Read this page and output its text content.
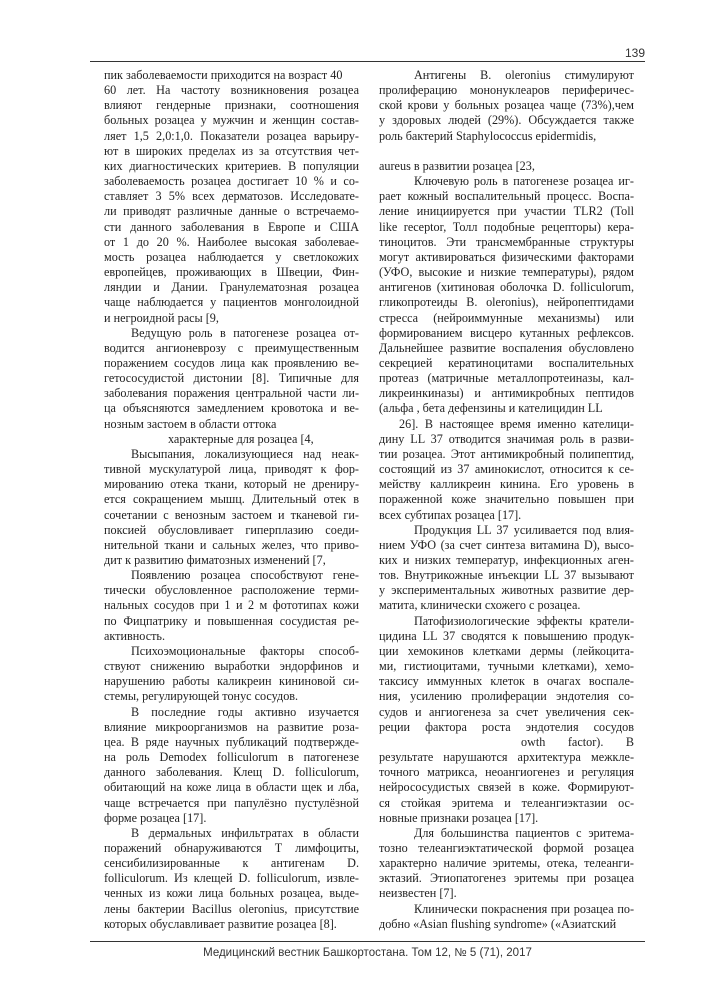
139
пик заболеваемости приходится на возраст 40
60 лет. На частоту возникновения розацеа
влияют гендерные признаки, соотношения
больных розацеа у мужчин и женщин состав-
ляет 1,5 2,0:1,0. Показатели розацеа варьиру-
ют в широких пределах из за отсутствия чет-
ких диагностических критериев. В популяции
заболеваемость розацеа достигает 10 % и со-
ставляет 3 5% всех дерматозов. Исследовате-
ли приводят различные данные о встречаемо-
сти данного заболевания в Европе и США
от 1 до 20 %. Наиболее высокая заболевае-
мость розацеа наблюдается у светлокожих
европейцев, проживающих в Швеции, Фин-
ляндии и Дании. Гранулематозная розацеа
чаще наблюдается у пациентов монголоидной
и негроидной расы [9,
Ведущую роль в патогенезе розацеа от-
водится ангионеврозу с преимущественным
поражением сосудов лица как проявлению ве-
гетососудистой дистонии [8]. Типичные для
заболевания поражения центральной части ли-
ца объясняются замедлением кровотока и ве-
нозным застоем в области оттока
характерные для розацеа [4,
Высыпания, локализующиеся над неак-
тивной мускулатурой лица, приводят к фор-
мированию отека ткани, который не дрениру-
ется сокращением мышц. Длительный отек в
сочетании с венозным застоем и тканевой ги-
поксией обусловливает гиперплазию соеди-
нительной ткани и сальных желез, что приво-
дит к развитию фиматозных изменений [7,
Появлению розацеа способствуют гене-
тически обусловленное расположение терми-
нальных сосудов при 1 и 2 м фототипах кожи
по Фицпатрику и повышенная сосудистая ре-
активность.
Психоэмоциональные факторы способ-
ствуют снижению выработки эндорфинов и
нарушению работы каликреин кининовой си-
стемы, регулирующей тонус сосудов.
В последние годы активно изучается
влияние микроорганизмов на развитие роза-
цеа. В ряде научных публикаций подтвержде-
на роль Demodex folliculorum в патогенезе
данного заболевания. Клещ D. folliculorum,
обитающий на коже лица в области щек и лба,
чаще встречается при папулёзно пустулёзной
форме розацеа [17].
В дермальных инфильтратах в области
поражений обнаруживаются Т лимфоциты,
сенсибилизированные к антигенам D.
folliculorum. Из клещей D. folliculorum, извле-
ченных из кожи лица больных розацеа, выде-
лены бактерии Bacillus oleronius, присутствие
которых обуславливает развитие розацеа [8].
Антигены B. oleronius стимулируют
пролиферацию мононуклеаров периферичес-
ской крови у больных розацеа чаще (73%),чем
у здоровых людей (29%). Обсуждается также
роль бактерий Staphylococcus epidermidis,

aureus в развитии розацеа [23,
Ключевую роль в патогенезе розацеа иг-
рает кожный воспалительный процесс. Воспа-
ление инициируется при участии TLR2 (Toll
like receptor, Толл подобные рецепторы) кера-
тиноцитов. Эти трансмембранные структуры
могут активироваться физическими факторами
(УФО, высокие и низкие температуры), рядом
антигенов (хитиновая оболочка D. folliculorum,
гликопротеиды B. oleronius), нейропептидами
стресса (нейроиммунные механизмы) или
формированием висцеро кутанных рефлексов.
Дальнейшее развитие воспаления обусловлено
секрецией кератиноцитами воспалительных
протеаз (матричные металлопротеиназы, кал-
ликреинкиназы) и антимикробных пептидов
(альфа , бета дефензины и кателицидин LL
26]. В настоящее время именно кателици-
дину LL 37 отводится значимая роль в разви-
тии розацеа. Этот антимикробный полипептид,
состоящий из 37 аминокислот, относится к се-
мейству калликреин кинина. Его уровень в
пораженной коже значительно повышен при
всех субтипах розацеа [17].
Продукция LL 37 усиливается под влия-
нием УФО (за счет синтеза витамина D), высо-
ких и низких температур, инфекционных аген-
тов. Внутрикожные инъекции LL 37 вызывают
у экспериментальных животных развитие дер-
матита, клинически схожего с розацеа.
Патофизиологические эффекты кратели-
цидина LL 37 сводятся к повышению продук-
ции хемокинов клетками дермы (лейкоцита-
ми, гистиоцитами, тучными клетками), хемо-
таксису иммунных клеток в очагах воспале-
ния, усилению пролиферации эндотелия со-
судов и ангиогенеза за счет увеличения сек-
реции фактора роста эндотелия сосудов
owth factor). В
результате нарушаются архитектура межкле-
точного матрикса, неоангиогенез и регуляция
нейрососудистых связей в коже. Формируют-
ся стойкая эритема и телеангиэктазии ос-
новные признаки розацеа [17].
Для большинства пациентов с эритема-
тозно телеангиэктатической формой розацеа
характерно наличие эритемы, отека, телеанги-
эктазий. Этиопатогенез эритемы при розацеа
неизвестен [7].
Клинически покраснения при розацеа по-
добно «Asian flushing syndrome» («Азиатский
Медицинский вестник Башкортостана. Том 12, № 5 (71), 2017
